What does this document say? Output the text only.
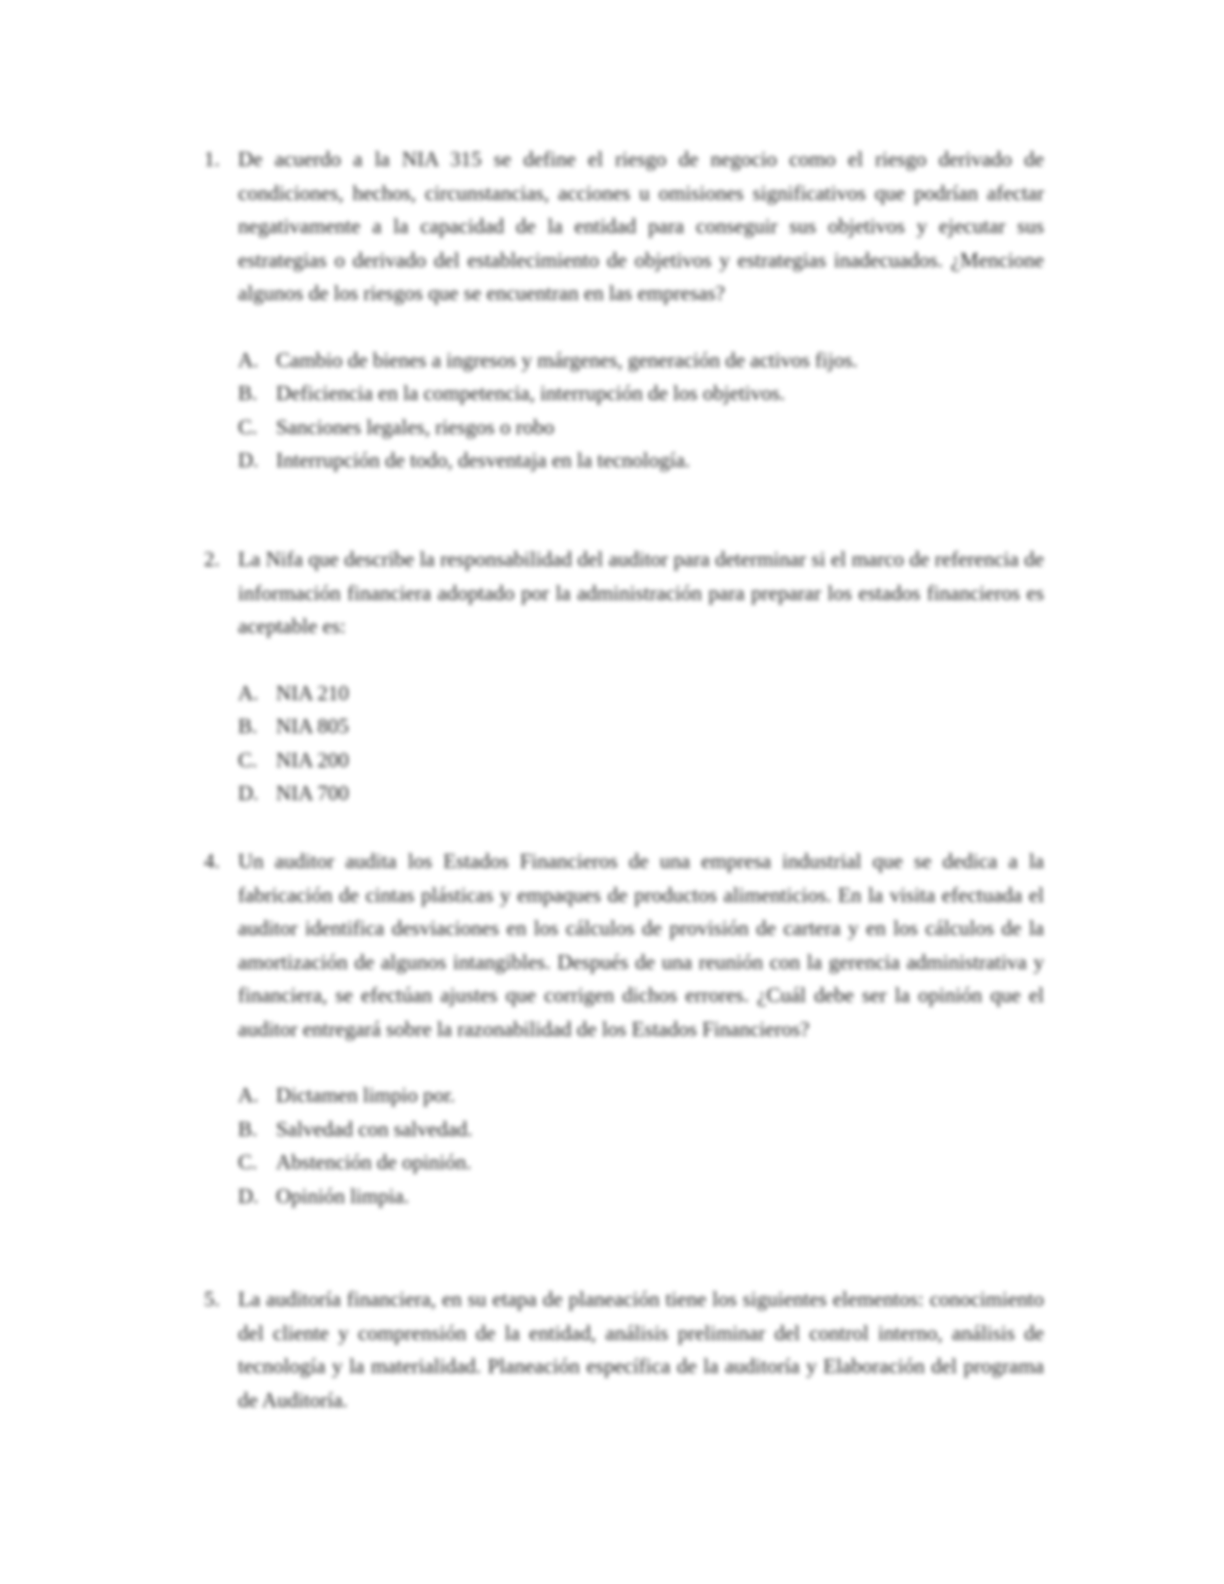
1. De acuerdo a la NIA 315 se define el riesgo de negocio como el riesgo derivado de condiciones, hechos, circunstancias, acciones u omisiones significativos que podrían afectar negativamente a la capacidad de la entidad para conseguir sus objetivos y ejecutar sus estrategias o derivado del establecimiento de objetivos y estrategias inadecuados. ¿Mencione algunos de los riesgos que se encuentran en las empresas?
A. Cambio de bienes a ingresos y márgenes, generación de activos fijos.
B. Deficiencia en la competencia, interrupción de los objetivos.
C. Sanciones legales, riesgos o robo
D. Interrupción de todo, desventaja en la tecnología.
2. La Nifa que describe la responsabilidad del auditor para determinar si el marco de referencia de información financiera adoptado por la administración para preparar los estados financieros es aceptable es:
A. NIA 210
B. NIA 805
C. NIA 200
D. NIA 700
4. Un auditor audita los Estados Financieros de una empresa industrial que se dedica a la fabricación de cintas plásticas y empaques de productos alimenticios. En la visita efectuada el auditor identifica desviaciones en los cálculos de provisión de cartera y en los cálculos de la amortización de algunos intangibles. Después de una reunión con la gerencia administrativa y financiera, se efectúan ajustes que corrigen dichos errores. ¿Cuál debe ser la opinión que el auditor entregará sobre la razonabilidad de los Estados Financieros?
A. Dictamen limpio por.
B. Salvedad con salvedad.
C. Abstención de opinión.
D. Opinión limpia.
5. La auditoría financiera, en su etapa de planeación tiene los siguientes elementos: conocimiento del cliente y comprensión de la entidad, análisis preliminar del control interno, análisis de tecnología y la materialidad. Planeación específica de la auditoría y Elaboración del programa de Auditoría.
